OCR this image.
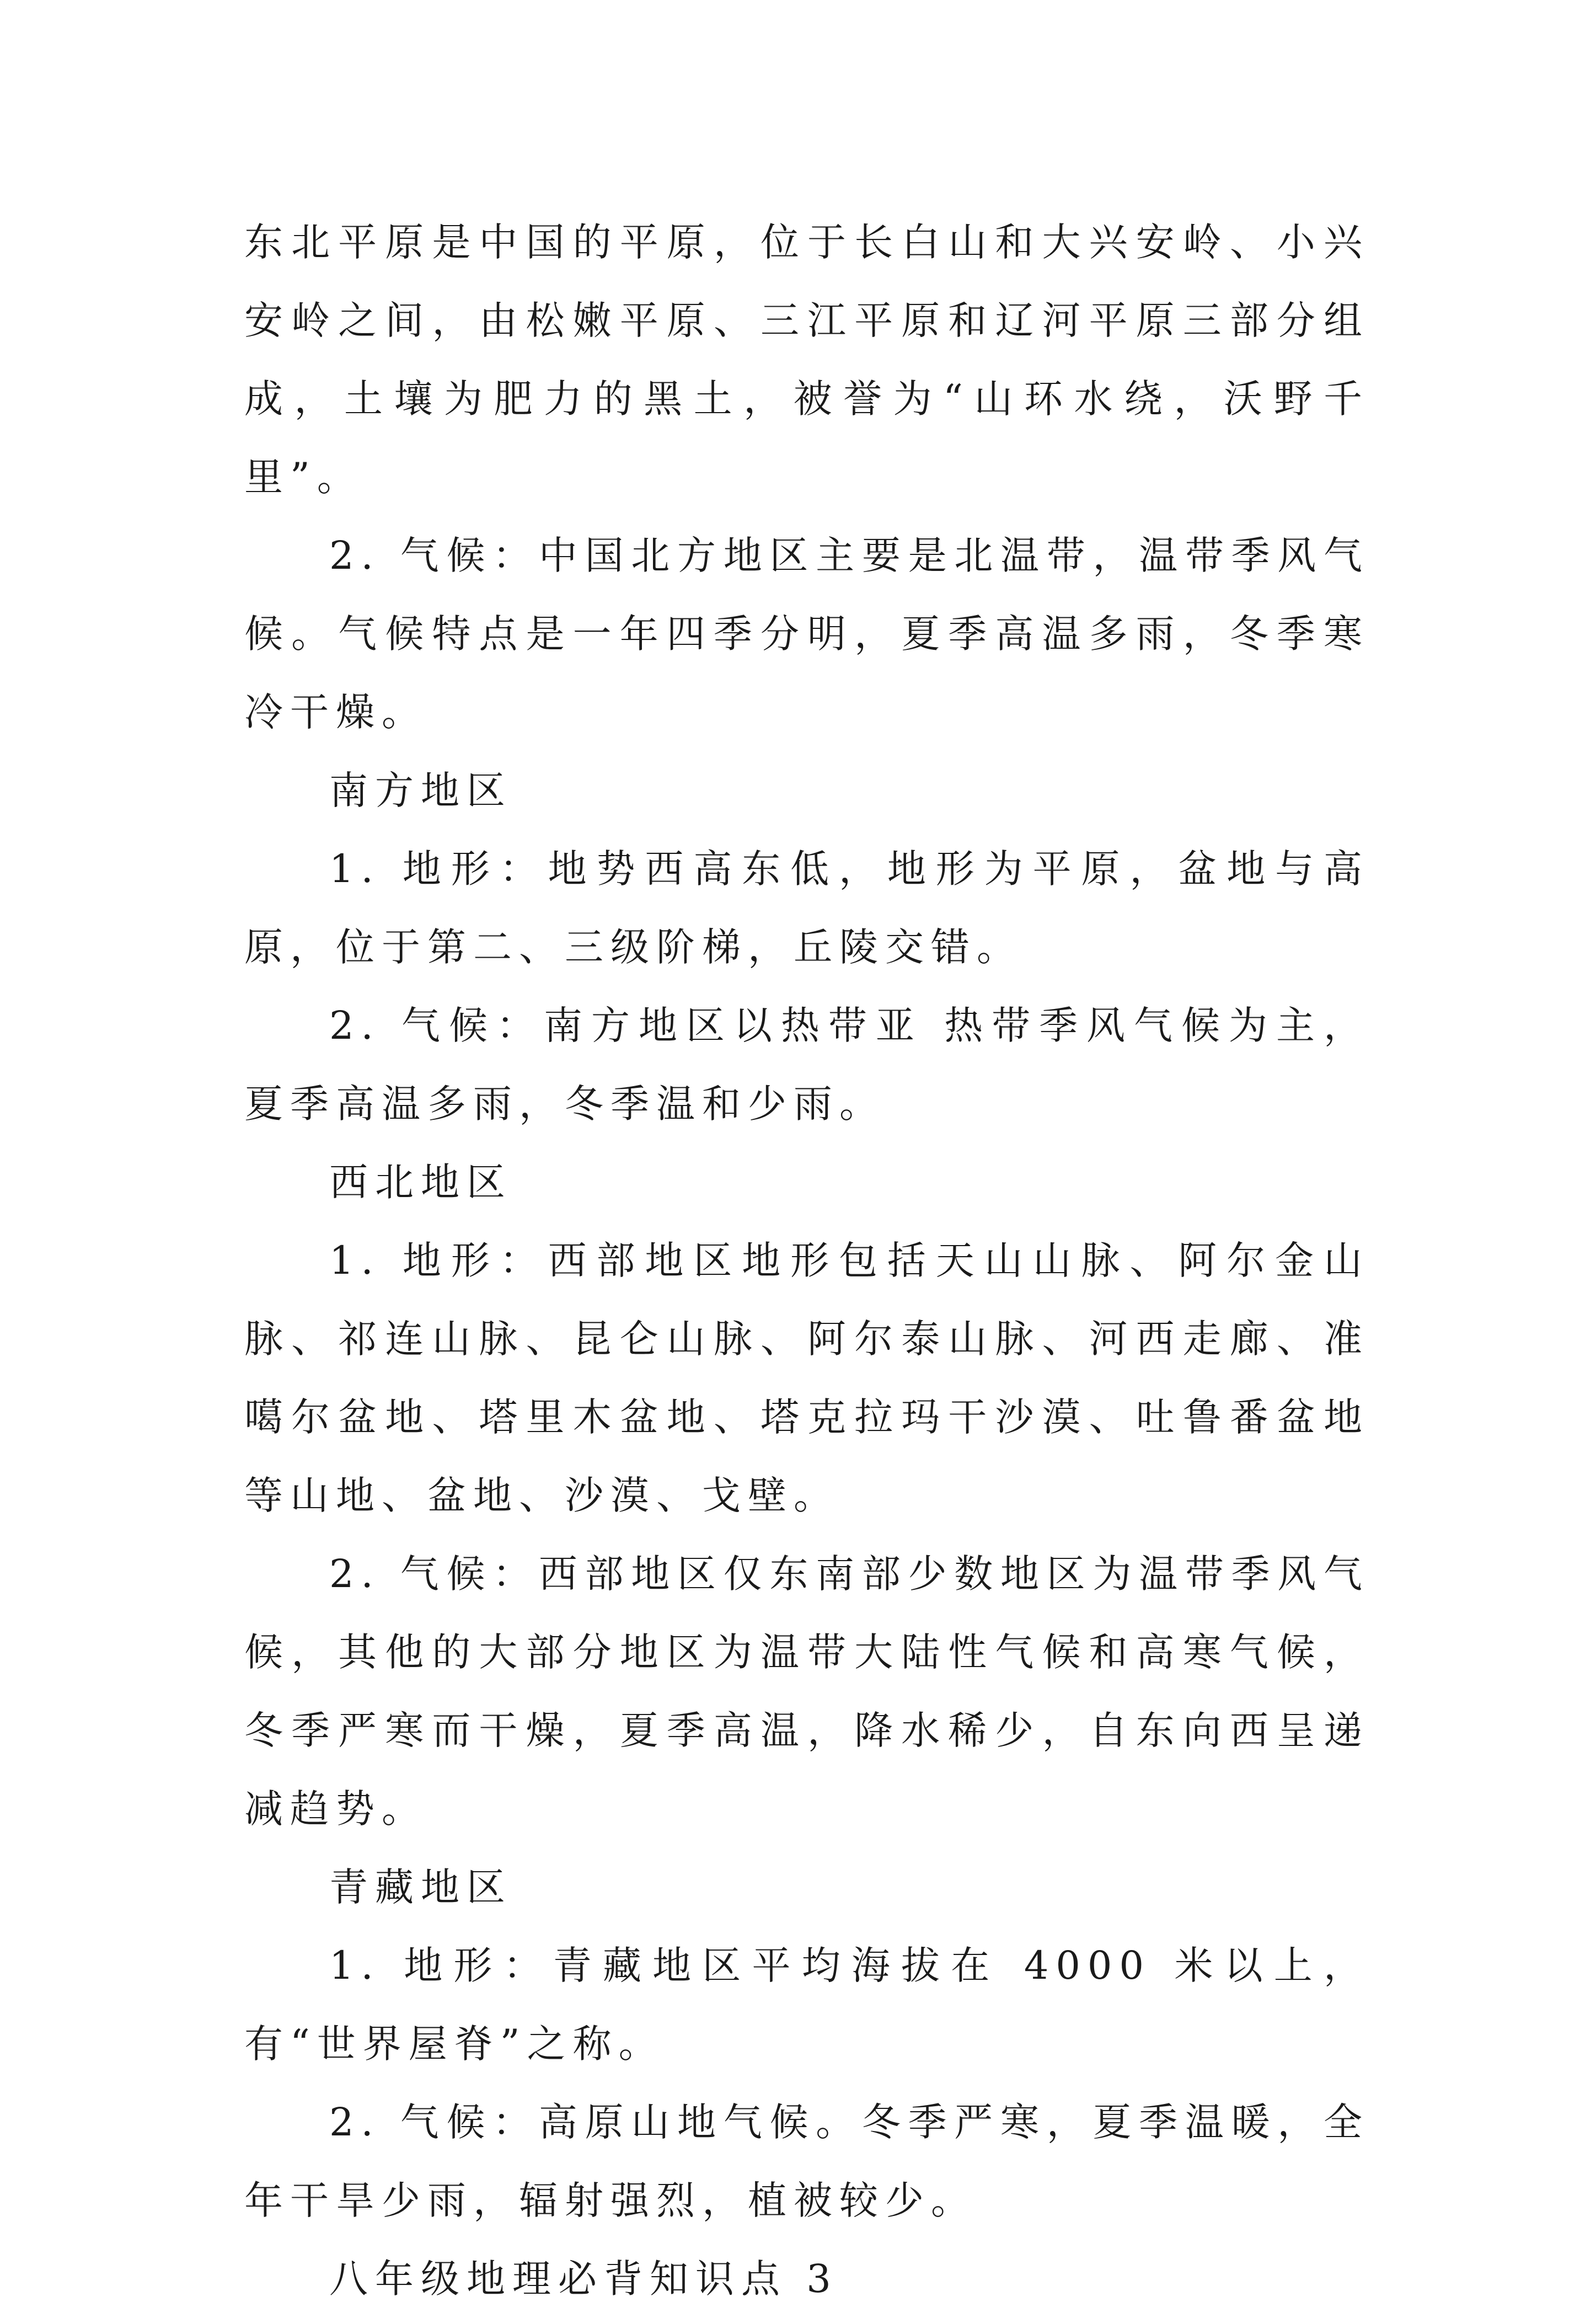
东北平原是中国的平原，位于长白山和大兴安岭、小兴安岭之间，由松嫩平原、三江平原和辽河平原三部分组成，土壤为肥力的黑土，被誉为“山环水绕，沃野千里”。

2. 气候：中国北方地区主要是北温带，温带季风气候。气候特点是一年四季分明，夏季高温多雨，冬季寒冷干燥。

南方地区

1. 地形：地势西高东低，地形为平原，盆地与高原，位于第二、三级阶梯，丘陵交错。

2. 气候：南方地区以热带亚 热带季风气候为主，夏季高温多雨，冬季温和少雨。

西北地区

1. 地形：西部地区地形包括天山山脉、阿尔金山脉、祁连山脉、昆仑山脉、阿尔泰山脉、河西走廊、准噶尔盆地、塔里木盆地、塔克拉玛干沙漠、吐鲁番盆地等山地、盆地、沙漠、戈壁。

2. 气候：西部地区仅东南部少数地区为温带季风气候，其他的大部分地区为温带大陆性气候和高寒气候，冬季严寒而干燥，夏季高温，降水稀少，自东向西呈递减趋势。

青藏地区

1. 地形：青藏地区平均海拔在 4000 米以上，有“世界屋脊”之称。

2. 气候：高原山地气候。冬季严寒，夏季温暖，全年干旱少雨，辐射强烈，植被较少。

八年级地理必背知识点 3
